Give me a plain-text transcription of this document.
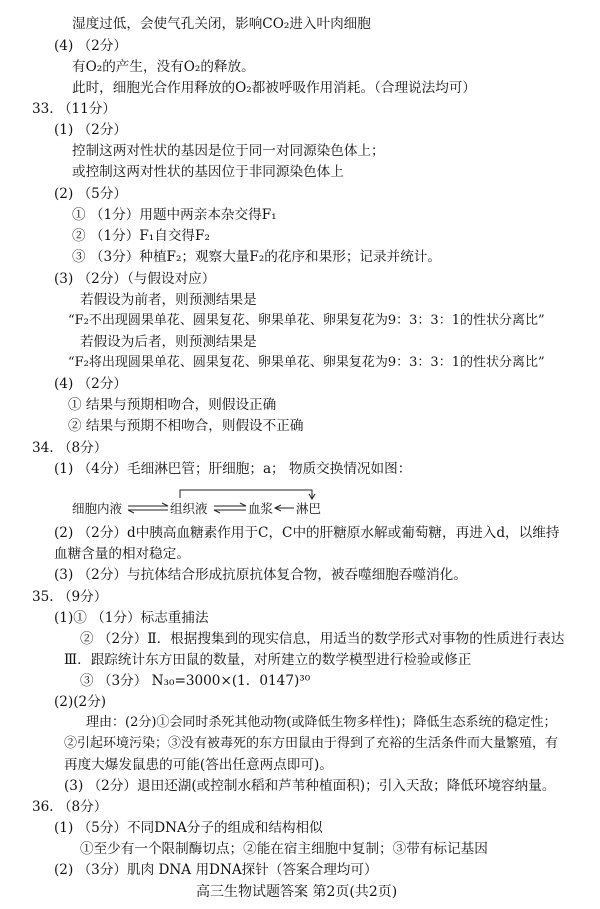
湿度过低，会使气孔关闭，影响CO₂进入叶肉细胞
(4) （2分）
有O₂的产生，没有O₂的释放。
此时，细胞光合作用释放的O₂都被呼吸作用消耗。（合理说法均可）
33. （11分）
(1) （2分）
控制这两对性状的基因是位于同一对同源染色体上；
或控制这两对性状的基因位于非同源染色体上
(2) （5分）
① （1分）用题中两亲本杂交得F₁
② （1分）F₁自交得F₂
③ （3分）种植F₂；观察大量F₂的花序和果形；记录并统计。
(3) （2分）（与假设对应）
若假设为前者，则预测结果是
“F₂不出现圆果单花、圆果复花、卵果单花、卵果复花为9：3：3：1的性状分离比”
若假设为后者，则预测结果是
“F₂将出现圆果单花、圆果复花、卵果单花、卵果复花为9：3：3：1的性状分离比”
(4) （2分）
① 结果与预期相吻合，则假设正确
② 结果与预期不相吻合，则假设不正确
34. （8分）
(1) （4分）毛细淋巴管；肝细胞；a； 物质交换情况如图：
细胞内液	组织液	血浆 淋巴
(2) （2分）d中胰高血糖素作用于C，C中的肝糖原水解或葡萄糖，再进入d，以维持
血糖含量的相对稳定。
(3) （2分）与抗体结合形成抗原抗体复合物，被吞噬细胞吞噬消化。
35. （9分）
(1)① （1分）标志重捕法
② （2分）Ⅱ．根据搜集到的现实信息，用适当的数学形式对事物的性质进行表达
Ⅲ．跟踪统计东方田鼠的数量，对所建立的数学模型进行检验或修正
③ （3分） N₃₀=3000×(1．0147)³⁰
(2)(2分)
理由：(2分)①会同时杀死其他动物(或降低生物多样性)；降低生态系统的稳定性；
②引起环境污染；③没有被毒死的东方田鼠由于得到了充裕的生活条件而大量繁殖，有
再度大爆发鼠患的可能(答出任意两点即可)。
(3) （2分）退田还湖(或控制水稻和芦苇种植面积)；引入天敌；降低环境容纳量。
36. （8分）
(1) （5分）不同DNA分子的组成和结构相似
①至少有一个限制酶切点；②能在宿主细胞中复制；③带有标记基因
(2) （3分）肌肉 DNA 用DNA探针（答案合理均可）
高三生物试题答案 第2页(共2页)
